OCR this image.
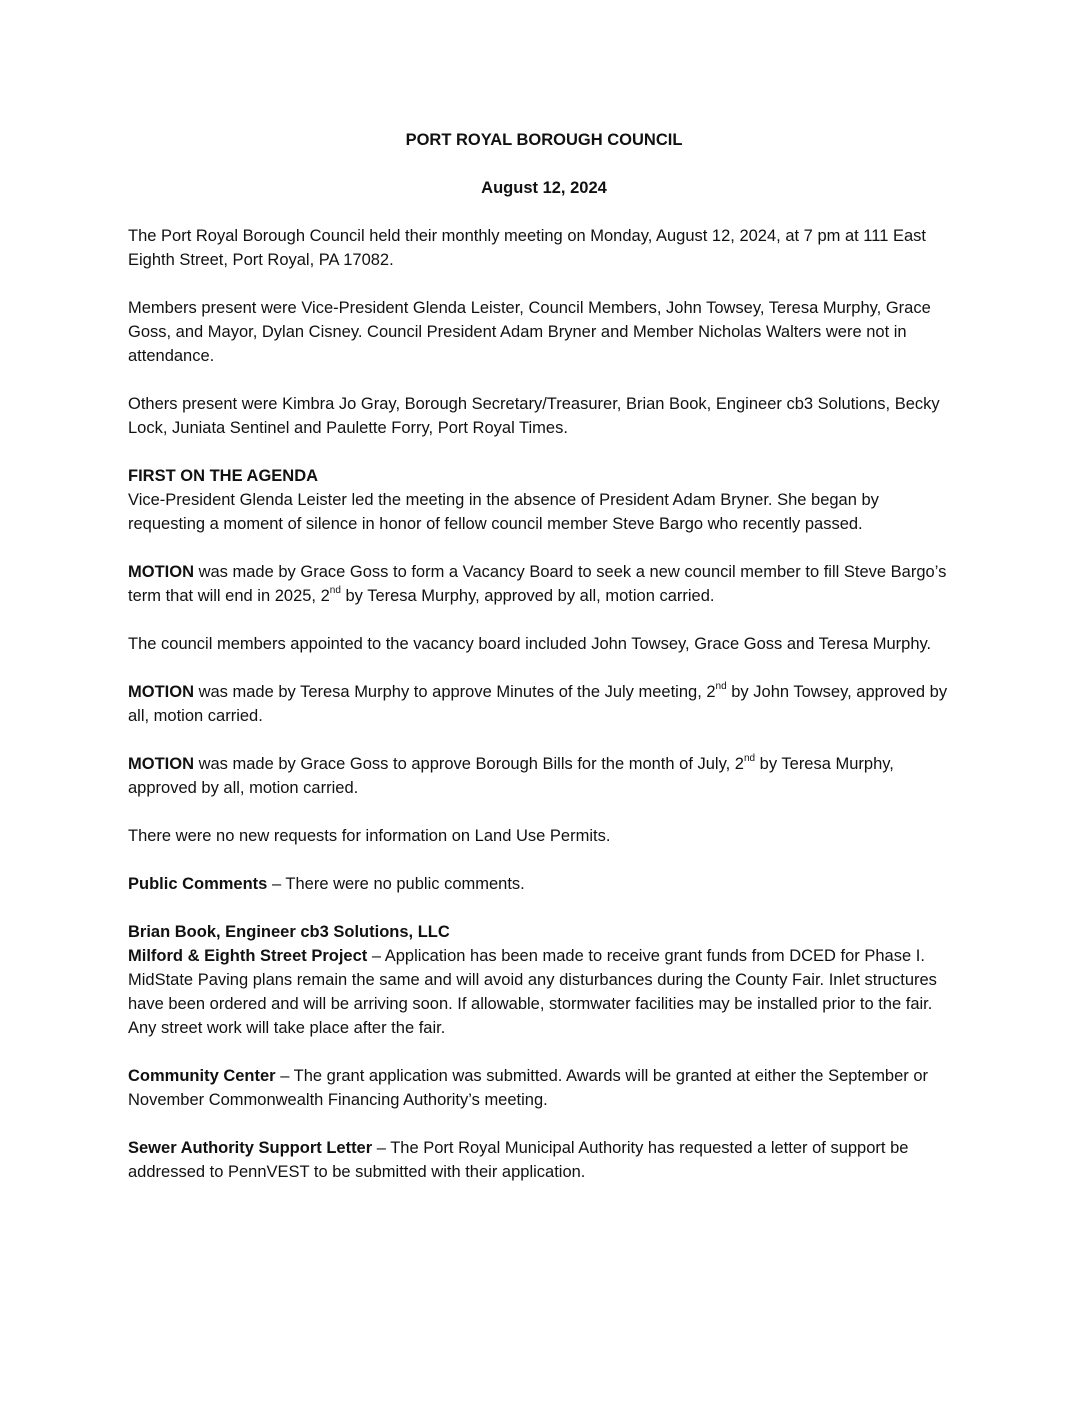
PORT ROYAL BOROUGH COUNCIL

August 12, 2024

The Port Royal Borough Council held their monthly meeting on Monday, August 12, 2024, at 7 pm at 111 East Eighth Street, Port Royal, PA 17082.

Members present were Vice-President Glenda Leister, Council Members, John Towsey, Teresa Murphy, Grace Goss, and Mayor, Dylan Cisney. Council President Adam Bryner and Member Nicholas Walters were not in attendance.

Others present were Kimbra Jo Gray, Borough Secretary/Treasurer, Brian Book, Engineer cb3 Solutions, Becky Lock, Juniata Sentinel and Paulette Forry, Port Royal Times.

FIRST ON THE AGENDA
Vice-President Glenda Leister led the meeting in the absence of President Adam Bryner. She began by requesting a moment of silence in honor of fellow council member Steve Bargo who recently passed.

MOTION was made by Grace Goss to form a Vacancy Board to seek a new council member to fill Steve Bargo’s term that will end in 2025, 2nd by Teresa Murphy, approved by all, motion carried.

The council members appointed to the vacancy board included John Towsey, Grace Goss and Teresa Murphy.

MOTION was made by Teresa Murphy to approve Minutes of the July meeting, 2nd by John Towsey, approved by all, motion carried.

MOTION was made by Grace Goss to approve Borough Bills for the month of July, 2nd by Teresa Murphy, approved by all, motion carried.

There were no new requests for information on Land Use Permits.

Public Comments – There were no public comments.

Brian Book, Engineer cb3 Solutions, LLC
Milford & Eighth Street Project – Application has been made to receive grant funds from DCED for Phase I. MidState Paving plans remain the same and will avoid any disturbances during the County Fair. Inlet structures have been ordered and will be arriving soon. If allowable, stormwater facilities may be installed prior to the fair. Any street work will take place after the fair.

Community Center – The grant application was submitted. Awards will be granted at either the September or November Commonwealth Financing Authority’s meeting.

Sewer Authority Support Letter – The Port Royal Municipal Authority has requested a letter of support be addressed to PennVEST to be submitted with their application.
